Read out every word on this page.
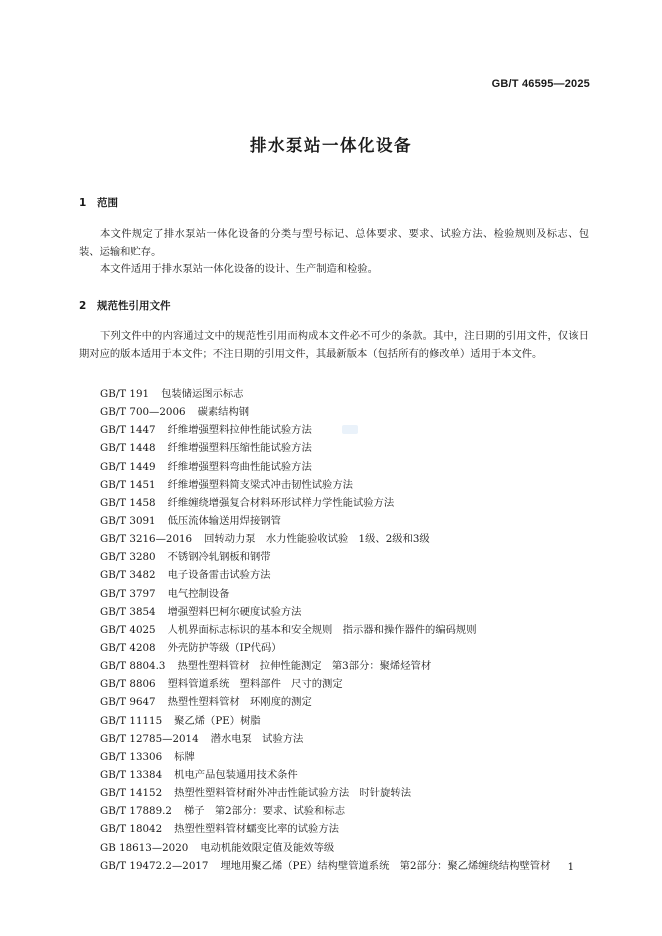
GB/T 46595—2025
排水泵站一体化设备
1 范围
本文件规定了排水泵站一体化设备的分类与型号标记、总体要求、要求、试验方法、检验规则及标志、包装、运输和贮存。
本文件适用于排水泵站一体化设备的设计、生产制造和检验。
2 规范性引用文件
下列文件中的内容通过文中的规范性引用而构成本文件必不可少的条款。其中，注日期的引用文件，仅该日期对应的版本适用于本文件；不注日期的引用文件，其最新版本（包括所有的修改单）适用于本文件。
GB/T 191 包装储运图示标志
GB/T 700—2006 碳素结构钢
GB/T 1447 纤维增强塑料拉伸性能试验方法
GB/T 1448 纤维增强塑料压缩性能试验方法
GB/T 1449 纤维增强塑料弯曲性能试验方法
GB/T 1451 纤维增强塑料简支梁式冲击韧性试验方法
GB/T 1458 纤维缠绕增强复合材料环形试样力学性能试验方法
GB/T 3091 低压流体输送用焊接钢管
GB/T 3216—2016 回转动力泵　水力性能验收试验　1级、2级和3级
GB/T 3280 不锈钢冷轧钢板和钢带
GB/T 3482 电子设备雷击试验方法
GB/T 3797 电气控制设备
GB/T 3854 增强塑料巴柯尔硬度试验方法
GB/T 4025 人机界面标志标识的基本和安全规则　指示器和操作器件的编码规则
GB/T 4208 外壳防护等级（IP代码）
GB/T 8804.3 热塑性塑料管材　拉伸性能测定　第3部分：聚烯烃管材
GB/T 8806 塑料管道系统　塑料部件　尺寸的测定
GB/T 9647 热塑性塑料管材　环刚度的测定
GB/T 11115 聚乙烯（PE）树脂
GB/T 12785—2014 潜水电泵　试验方法
GB/T 13306 标牌
GB/T 13384 机电产品包装通用技术条件
GB/T 14152 热塑性塑料管材耐外冲击性能试验方法　时针旋转法
GB/T 17889.2 梯子　第2部分：要求、试验和标志
GB/T 18042 热塑性塑料管材蠕变比率的试验方法
GB 18613—2020 电动机能效限定值及能效等级
GB/T 19472.2—2017 埋地用聚乙烯（PE）结构壁管道系统　第2部分：聚乙烯缠绕结构壁管材 1
